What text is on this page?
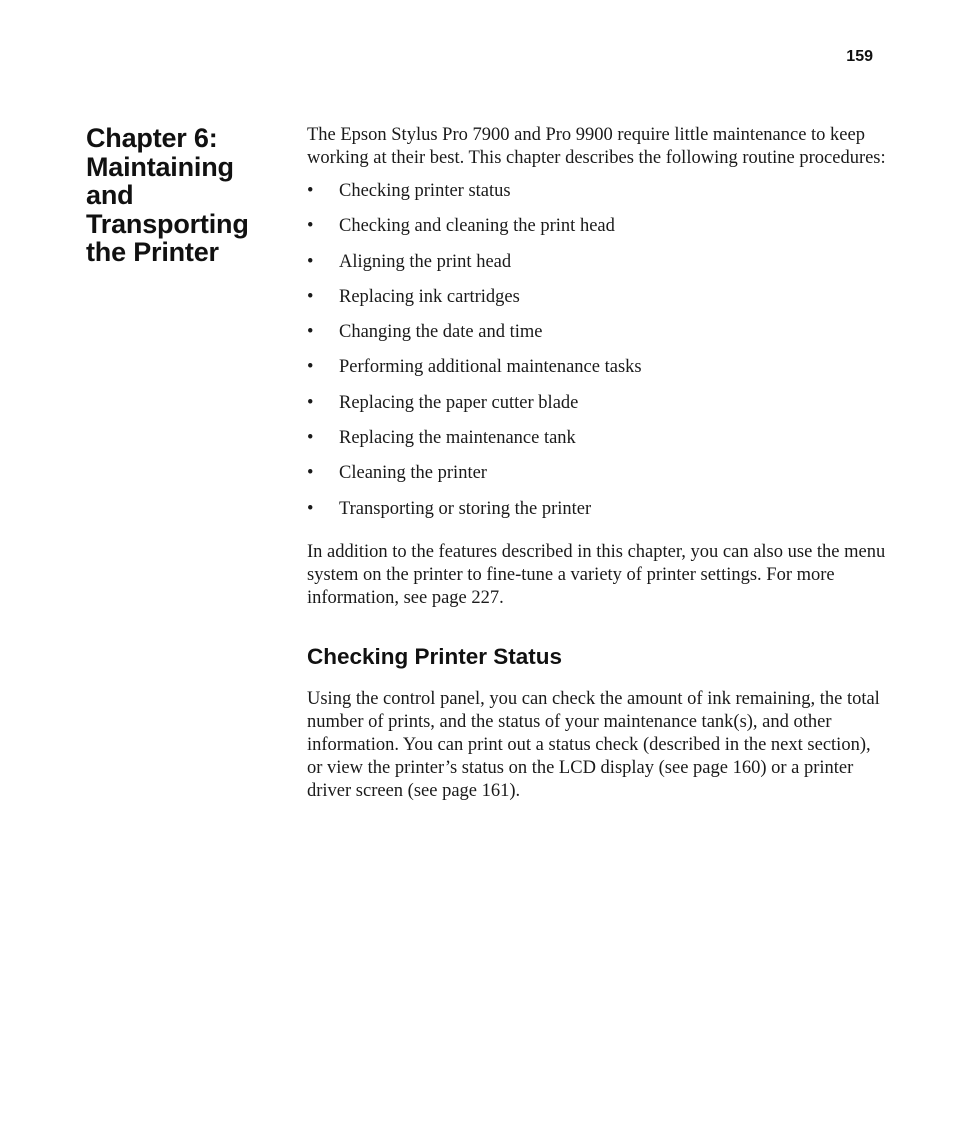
159
Chapter 6: Maintaining and Transporting the Printer

The Epson Stylus Pro 7900 and Pro 9900 require little maintenance to keep working at their best. This chapter describes the following routine procedures:

• Checking printer status
• Checking and cleaning the print head
• Aligning the print head
• Replacing ink cartridges
• Changing the date and time
• Performing additional maintenance tasks
• Replacing the paper cutter blade
• Replacing the maintenance tank
• Cleaning the printer
• Transporting or storing the printer

In addition to the features described in this chapter, you can also use the menu system on the printer to fine-tune a variety of printer settings. For more information, see page 227.

Checking Printer Status

Using the control panel, you can check the amount of ink remaining, the total number of prints, and the status of your maintenance tank(s), and other information. You can print out a status check (described in the next section), or view the printer’s status on the LCD display (see page 160) or a printer driver screen (see page 161).
